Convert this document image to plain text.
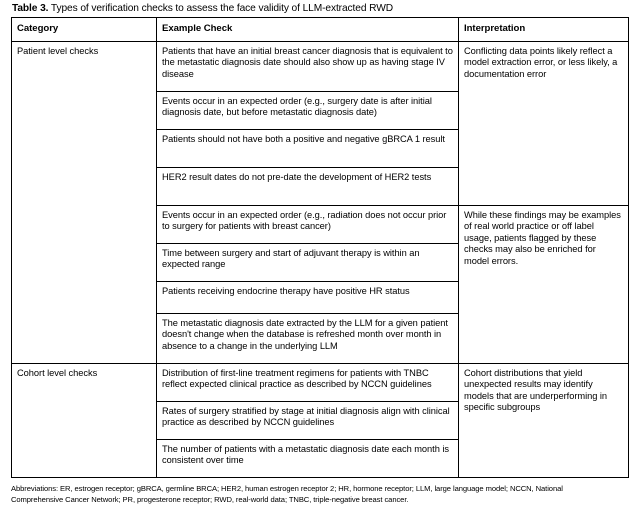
Table 3. Types of verification checks to assess the face validity of LLM-extracted RWD
Category	Example Check	Interpretation
Patient level checks	Patients that have an initial breast cancer diagnosis that is equivalent to the metastatic diagnosis date should also show up as having stage IV disease	Conflicting data points likely reflect a model extraction error, or less likely, a documentation error
	Events occur in an expected order (e.g., surgery date is after initial diagnosis date, but before metastatic diagnosis date)	
	Patients should not have both a positive and negative gBRCA 1 result	
	HER2 result dates do not pre-date the development of HER2 tests	
	Events occur in an expected order (e.g., radiation does not occur prior to surgery for patients with breast cancer)	While these findings may be examples of real world practice or off label usage, patients flagged by these checks may also be enriched for model errors.
	Time between surgery and start of adjuvant therapy is within an expected range	
	Patients receiving endocrine therapy have positive HR status	
	The metastatic diagnosis date extracted by the LLM for a given patient doesn't change when the database is refreshed month over month in absence to a change in the underlying LLM	
Cohort level checks	Distribution of first-line treatment regimens for patients with TNBC reflect expected clinical practice as described by NCCN guidelines	Cohort distributions that yield unexpected results may identify models that are underperforming in specific subgroups
	Rates of surgery stratified by stage at initial diagnosis align with clinical practice as described by NCCN guidelines	
	The number of patients with a metastatic diagnosis date each month is consistent over time	
Abbreviations: ER, estrogen receptor; gBRCA, germline BRCA; HER2, human estrogen receptor 2; HR, hormone receptor; LLM, large language model; NCCN, National
Comprehensive Cancer Network; PR, progesterone receptor; RWD, real-world data; TNBC, triple-negative breast cancer.
